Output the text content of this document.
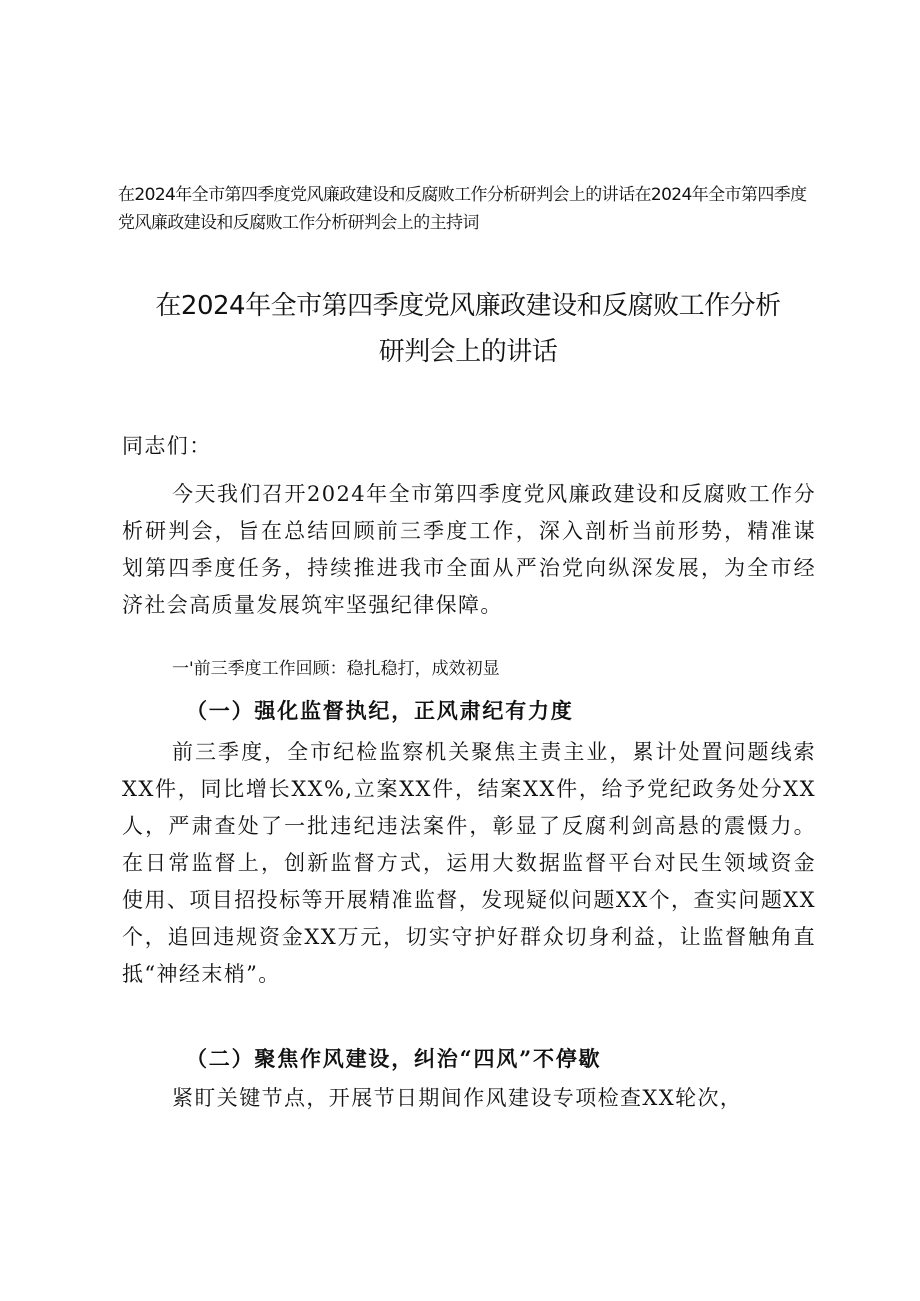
在2024年全市第四季度党风廉政建设和反腐败工作分析研判会上的讲话在2024年全市第四季度党风廉政建设和反腐败工作分析研判会上的主持词
在2024年全市第四季度党风廉政建设和反腐败工作分析
研判会上的讲话
同志们：
今天我们召开2024年全市第四季度党风廉政建设和反腐败工作分析研判会，旨在总结回顾前三季度工作，深入剖析当前形势，精准谋划第四季度任务，持续推进我市全面从严治党向纵深发展，为全市经济社会高质量发展筑牢坚强纪律保障。
一'前三季度工作回顾：稳扎稳打，成效初显
（一）强化监督执纪，正风肃纪有力度
前三季度，全市纪检监察机关聚焦主责主业，累计处置问题线索XX件，同比增长XX%,立案XX件，结案XX件，给予党纪政务处分XX人，严肃查处了一批违纪违法案件，彰显了反腐利剑高悬的震慑力。在日常监督上，创新监督方式，运用大数据监督平台对民生领域资金使用、项目招投标等开展精准监督，发现疑似问题XX个，查实问题XX个，追回违规资金XX万元，切实守护好群众切身利益，让监督触角直抵“神经末梢”。
（二）聚焦作风建设，纠治“四风”不停歇
紧盯关键节点，开展节日期间作风建设专项检查XX轮次，
